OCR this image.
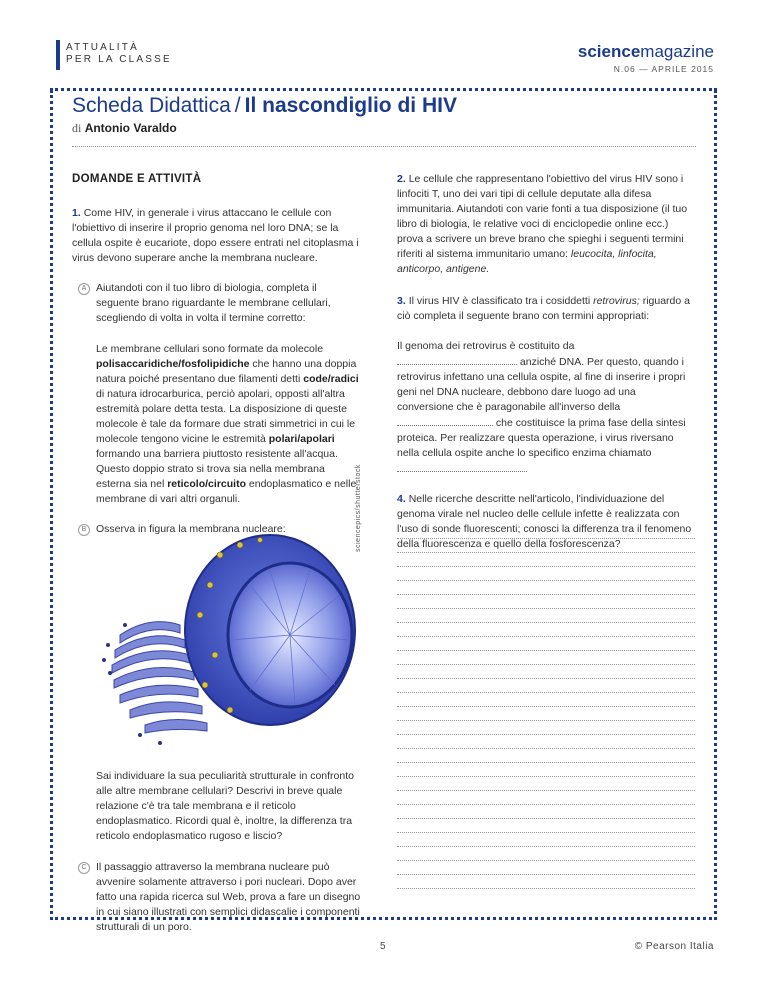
ATTUALITÀ
PER LA CLASSE	sciencemagazine
N.06 — APRILE 2015
Scheda Didattica / Il nascondiglio di HIV
di Antonio Varaldo
DOMANDE E ATTIVITÀ

1. Come HIV, in generale i virus attaccano le cellule con l'obiettivo di inserire il proprio genoma nel loro DNA; se la cellula ospite è eucariote, dopo essere entrati nel citoplasma i virus devono superare anche la membrana nucleare.

A Aiutandoti con il tuo libro di biologia, completa il seguente brano riguardante le membrane cellulari, scegliendo di volta in volta il termine corretto:

Le membrane cellulari sono formate da molecole polisaccaridiche/fosfolipidiche che hanno una doppia natura poiché presentano due filamenti detti code/radici di natura idrocarburica, perciò apolari, opposti all'altra estremità polare detta testa. La disposizione di queste molecole è tale da formare due strati simmetrici in cui le molecole tengono vicine le estremità polari/apolari formando una barriera piuttosto resistente all'acqua. Questo doppio strato si trova sia nella membrana esterna sia nel reticolo/circuito endoplasmatico e nelle membrane di vari altri organuli.

B Osserva in figura la membrana nucleare:	sciencepics/shutterstock

Sai individuare la sua peculiarità strutturale in confronto alle altre membrane cellulari? Descrivi in breve quale relazione c'è tra tale membrana e il reticolo endoplasmatico. Ricordi qual è, inoltre, la differenza tra reticolo endoplasmatico rugoso e liscio?

C Il passaggio attraverso la membrana nucleare può avvenire solamente attraverso i pori nucleari. Dopo aver fatto una rapida ricerca sul Web, prova a fare un disegno in cui siano illustrati con semplici didascalie i componenti strutturali di un poro.

2. Le cellule che rappresentano l'obiettivo del virus HIV sono i linfociti T, uno dei vari tipi di cellule deputate alla difesa immunitaria. Aiutandoti con varie fonti a tua disposizione (il tuo libro di biologia, le relative voci di enciclopedie online ecc.) prova a scrivere un breve brano che spieghi i seguenti termini riferiti al sistema immunitario umano: leucocita, linfocita, anticorpo, antigene.

3. Il virus HIV è classificato tra i cosiddetti retrovirus; riguardo a ciò completa il seguente brano con termini appropriati:

Il genoma dei retrovirus è costituito da  anziché DNA. Per questo, quando i retrovirus infettano una cellula ospite, al fine di inserire i propri geni nel DNA nucleare, debbono dare luogo ad una conversione che è paragonabile all'inverso della  che costituisce la prima fase della sintesi proteica. Per realizzare questa operazione, i virus riversano nella cellula ospite anche lo specifico enzima chiamato

4. Nelle ricerche descritte nell'articolo, l'individuazione del genoma virale nel nucleo delle cellule infette è realizzata con l'uso di sonde fluorescenti; conosci la differenza tra il fenomeno della fluorescenza e quello della fosforescenza?

5	© Pearson Italia
